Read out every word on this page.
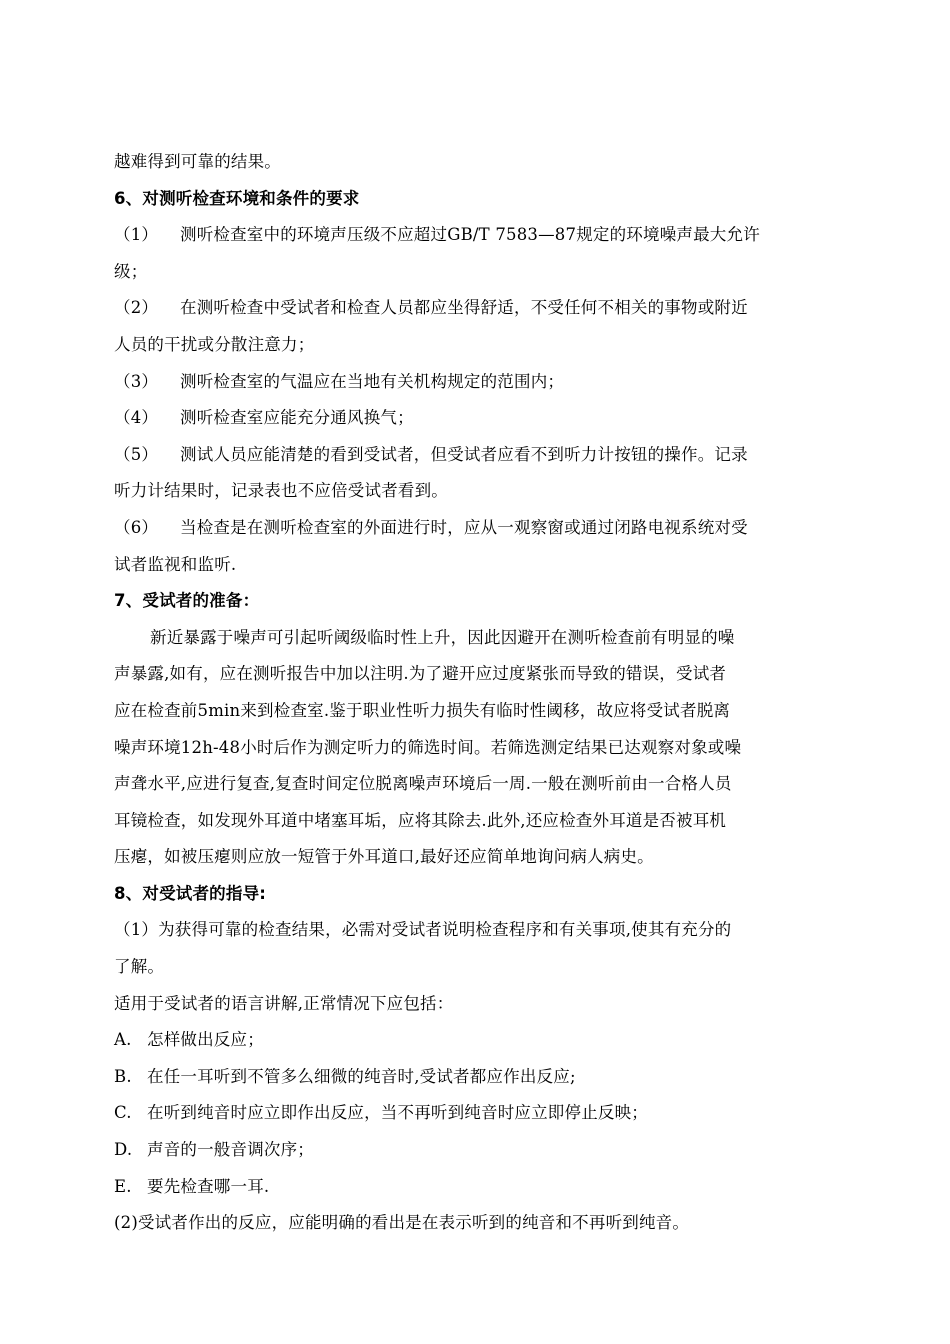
越难得到可靠的结果。
6、对测听检查环境和条件的要求
（1） 测听检查室中的环境声压级不应超过GB/T 7583—87规定的环境噪声最大允许
级；
（2） 在测听检查中受试者和检查人员都应坐得舒适，不受任何不相关的事物或附近
人员的干扰或分散注意力；
（3） 测听检查室的气温应在当地有关机构规定的范围内；
（4） 测听检查室应能充分通风换气；
（5） 测试人员应能清楚的看到受试者，但受试者应看不到听力计按钮的操作。记录
听力计结果时，记录表也不应倍受试者看到。
（6） 当检查是在测听检查室的外面进行时，应从一观察窗或通过闭路电视系统对受
试者监视和监听.
7、受试者的准备：
新近暴露于噪声可引起听阈级临时性上升，因此因避开在测听检查前有明显的噪
声暴露,如有，应在测听报告中加以注明.为了避开应过度紧张而导致的错误，受试者
应在检查前5min来到检查室.鉴于职业性听力损失有临时性阈移，故应将受试者脱离
噪声环境12h-48小时后作为测定听力的筛选时间。若筛选测定结果已达观察对象或噪
声聋水平,应进行复查,复查时间定位脱离噪声环境后一周.一般在测听前由一合格人员
耳镜检查，如发现外耳道中堵塞耳垢，应将其除去.此外,还应检查外耳道是否被耳机
压瘪，如被压瘪则应放一短管于外耳道口,最好还应简单地询问病人病史。
8、对受试者的指导:
（1）为获得可靠的检查结果，必需对受试者说明检查程序和有关事项,使其有充分的
了解。
适用于受试者的语言讲解,正常情况下应包括：
A. 怎样做出反应；
B. 在任一耳听到不管多么细微的纯音时,受试者都应作出反应;
C. 在听到纯音时应立即作出反应，当不再听到纯音时应立即停止反映；
D. 声音的一般音调次序；
E. 要先检查哪一耳.
(2)受试者作出的反应，应能明确的看出是在表示听到的纯音和不再听到纯音。
